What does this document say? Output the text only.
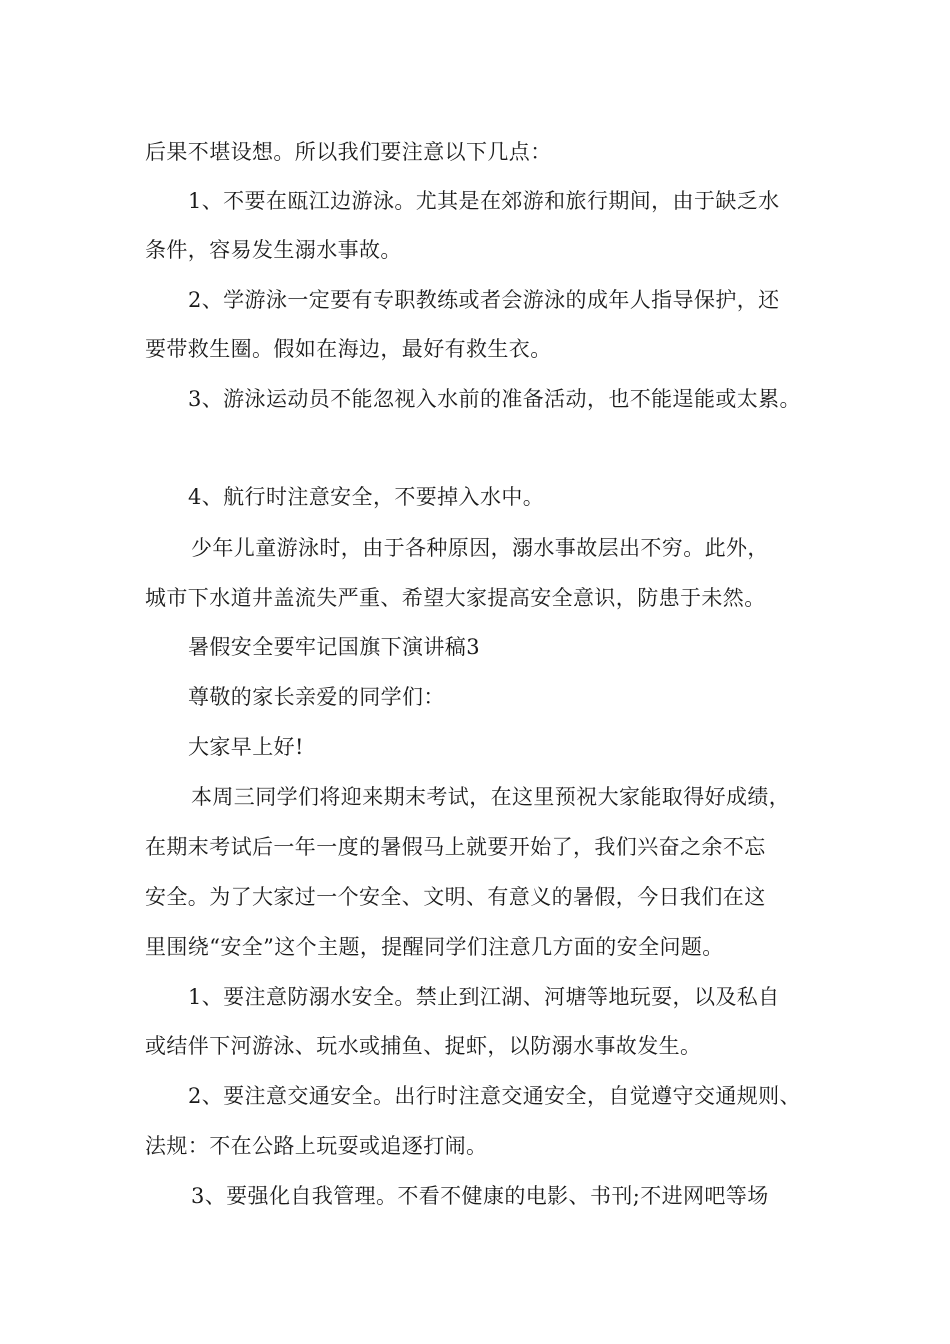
后果不堪设想。所以我们要注意以下几点：
1、不要在瓯江边游泳。尤其是在郊游和旅行期间，由于缺乏水
条件，容易发生溺水事故。
2、学游泳一定要有专职教练或者会游泳的成年人指导保护，还
要带救生圈。假如在海边，最好有救生衣。
3、游泳运动员不能忽视入水前的准备活动，也不能逞能或太累。
4、航行时注意安全，不要掉入水中。
少年儿童游泳时，由于各种原因，溺水事故层出不穷。此外，
城市下水道井盖流失严重、希望大家提高安全意识，防患于未然。
暑假安全要牢记国旗下演讲稿3
尊敬的家长亲爱的同学们：
大家早上好!
本周三同学们将迎来期末考试，在这里预祝大家能取得好成绩，
在期末考试后一年一度的暑假马上就要开始了，我们兴奋之余不忘
安全。为了大家过一个安全、文明、有意义的暑假，今日我们在这
里围绕“安全”这个主题，提醒同学们注意几方面的安全问题。
1、要注意防溺水安全。禁止到江湖、河塘等地玩耍，以及私自
或结伴下河游泳、玩水或捕鱼、捉虾，以防溺水事故发生。
2、要注意交通安全。出行时注意交通安全，自觉遵守交通规则、
法规：不在公路上玩耍或追逐打闹。
3、要强化自我管理。不看不健康的电影、书刊;不进网吧等场
